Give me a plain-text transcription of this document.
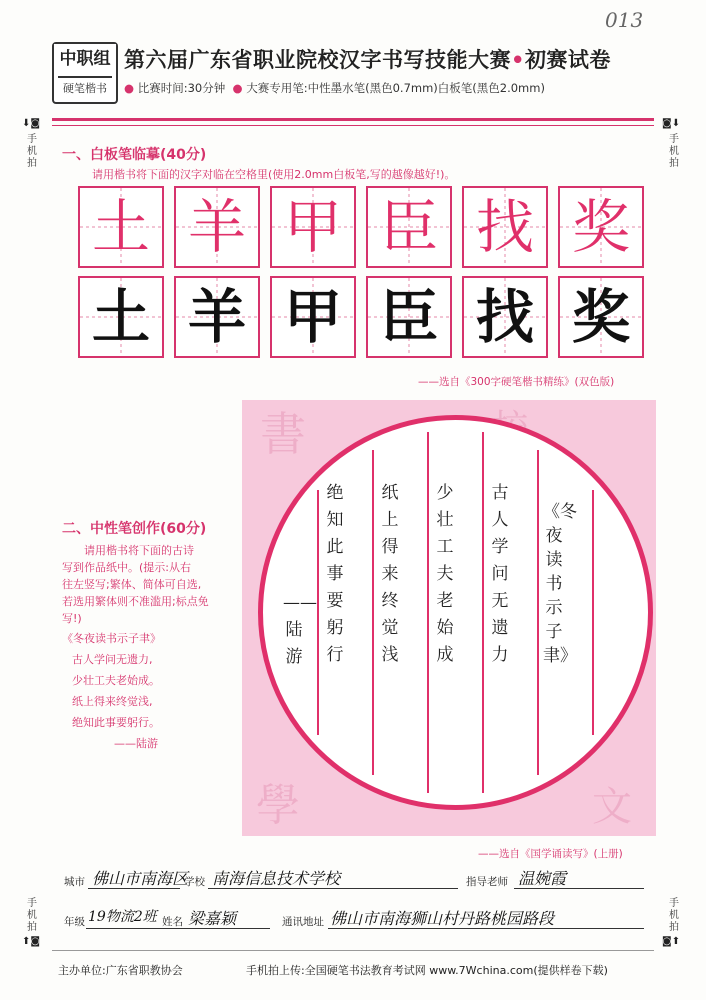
013
中职组
硬笔楷书
第六届广东省职业院校汉字书写技能大赛•初赛试卷
● 比赛时间:30分钟 ● 大赛专用笔:中性墨水笔(黑色0.7mm)白板笔(黑色2.0mm)
⬇◙
手
机
拍
◙⬇
手
机
拍
手
机
拍
⬆◙
手
机
拍
◙⬆
一、白板笔临摹(40分)
请用楷书将下面的汉字对临在空格里(使用2.0mm白板笔,写的越像越好!)。
土 羊 甲 臣 找 奖
土 羊 甲 臣 找 奖
——选自《300字硬笔楷书精练》(双色版)
二、中性笔创作(60分)
请用楷书将下面的古诗
写到作品纸中。(提示:从右
往左竖写;繁体、简体可自选,
若选用繁体则不准滥用;标点免
写!)
《冬夜读书示子聿》
古人学问无遗力,
少壮工夫老始成。
纸上得来终觉浅,
绝知此事要躬行。
——陆游
書
學	文
《冬夜读书示子聿》
古人学问无遗力
少壮工夫老始成
纸上得来终觉浅
绝知此事要躬行
——陆游
——选自《国学诵读写》(上册)
城市 佛山市南海区
学校 南海信息技术学校	指导老师 温婉霞
年级 19物流2班 姓名 梁嘉颖	通讯地址 佛山市南海狮山村丹路桃园路段
主办单位:广东省职教协会	手机拍上传:全国硬笔书法教育考试网 www.7Wchina.com(提供样卷下载)
